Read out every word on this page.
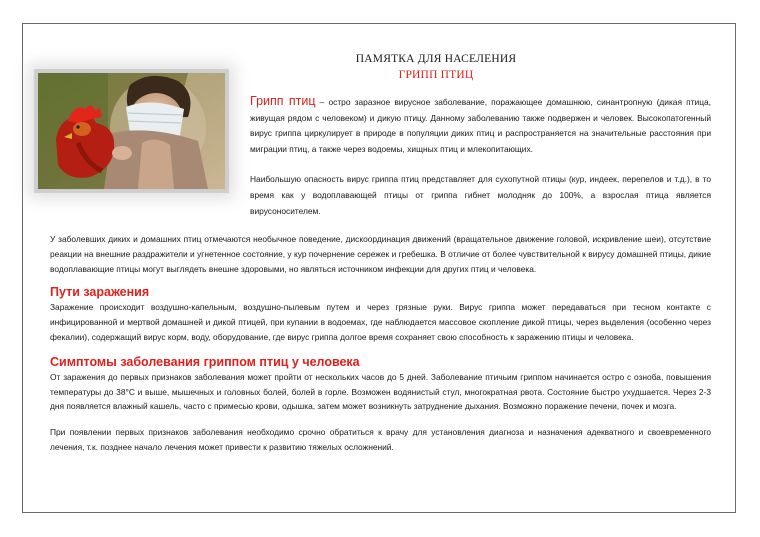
ПАМЯТКА ДЛЯ НАСЕЛЕНИЯ
ГРИПП ПТИЦ

Грипп птиц – остро заразное вирусное заболевание, поражающее домашнюю, синантропную (дикая птица, живущая рядом с человеком) и дикую птицу. Данному заболеванию также подвержен и человек. Высокопатогенный вирус гриппа циркулирует в природе в популяции диких птиц и распространяется на значительные расстояния при миграции птиц, а также через водоемы, хищных птиц и млекопитающих.

Наибольшую опасность вирус гриппа птиц представляет для сухопутной птицы (кур, индеек, перепелов и т.д.), в то время как у водоплавающей птицы от гриппа гибнет молодняк до 100%, а взрослая птица является вирусоносителем.

У заболевших диких и домашних птиц отмечаются необычное поведение, дискоординация движений (вращательное движение головой, искривление шеи), отсутствие реакции на внешние раздражители и угнетенное состояние, у кур почернение сережек и гребешка. В отличие от более чувствительной к вирусу домашней птицы, дикие водоплавающие птицы могут выглядеть внешне здоровыми, но являться источником инфекции для других птиц и человека.

Пути заражения

Заражение происходит воздушно-капельным, воздушно-пылевым путем и через грязные руки. Вирус гриппа может передаваться при тесном контакте с инфицированной и мертвой домашней и дикой птицей, при купании в водоемах, где наблюдается массовое скопление дикой птицы, через выделения (особенно через фекалии), содержащий вирус корм, воду, оборудование, где вирус гриппа долгое время сохраняет свою способность к заражению птицы и человека.

Симптомы заболевания гриппом птиц у человека

От заражения до первых признаков заболевания может пройти от нескольких часов до 5 дней. Заболевание птичьим гриппом начинается остро с озноба, повышения температуры до 38°С и выше, мышечных и головных болей, болей в горле. Возможен водянистый стул, многократная рвота. Состояние быстро ухудшается. Через 2-3 дня появляется влажный кашель, часто с примесью крови, одышка, затем может возникнуть затруднение дыхания. Возможно поражение печени, почек и мозга.

При появлении первых признаков заболевания необходимо срочно обратиться к врачу для установления диагноза и назначения адекватного и своевременного лечения, т.к. позднее начало лечения может привести к развитию тяжелых осложнений.
